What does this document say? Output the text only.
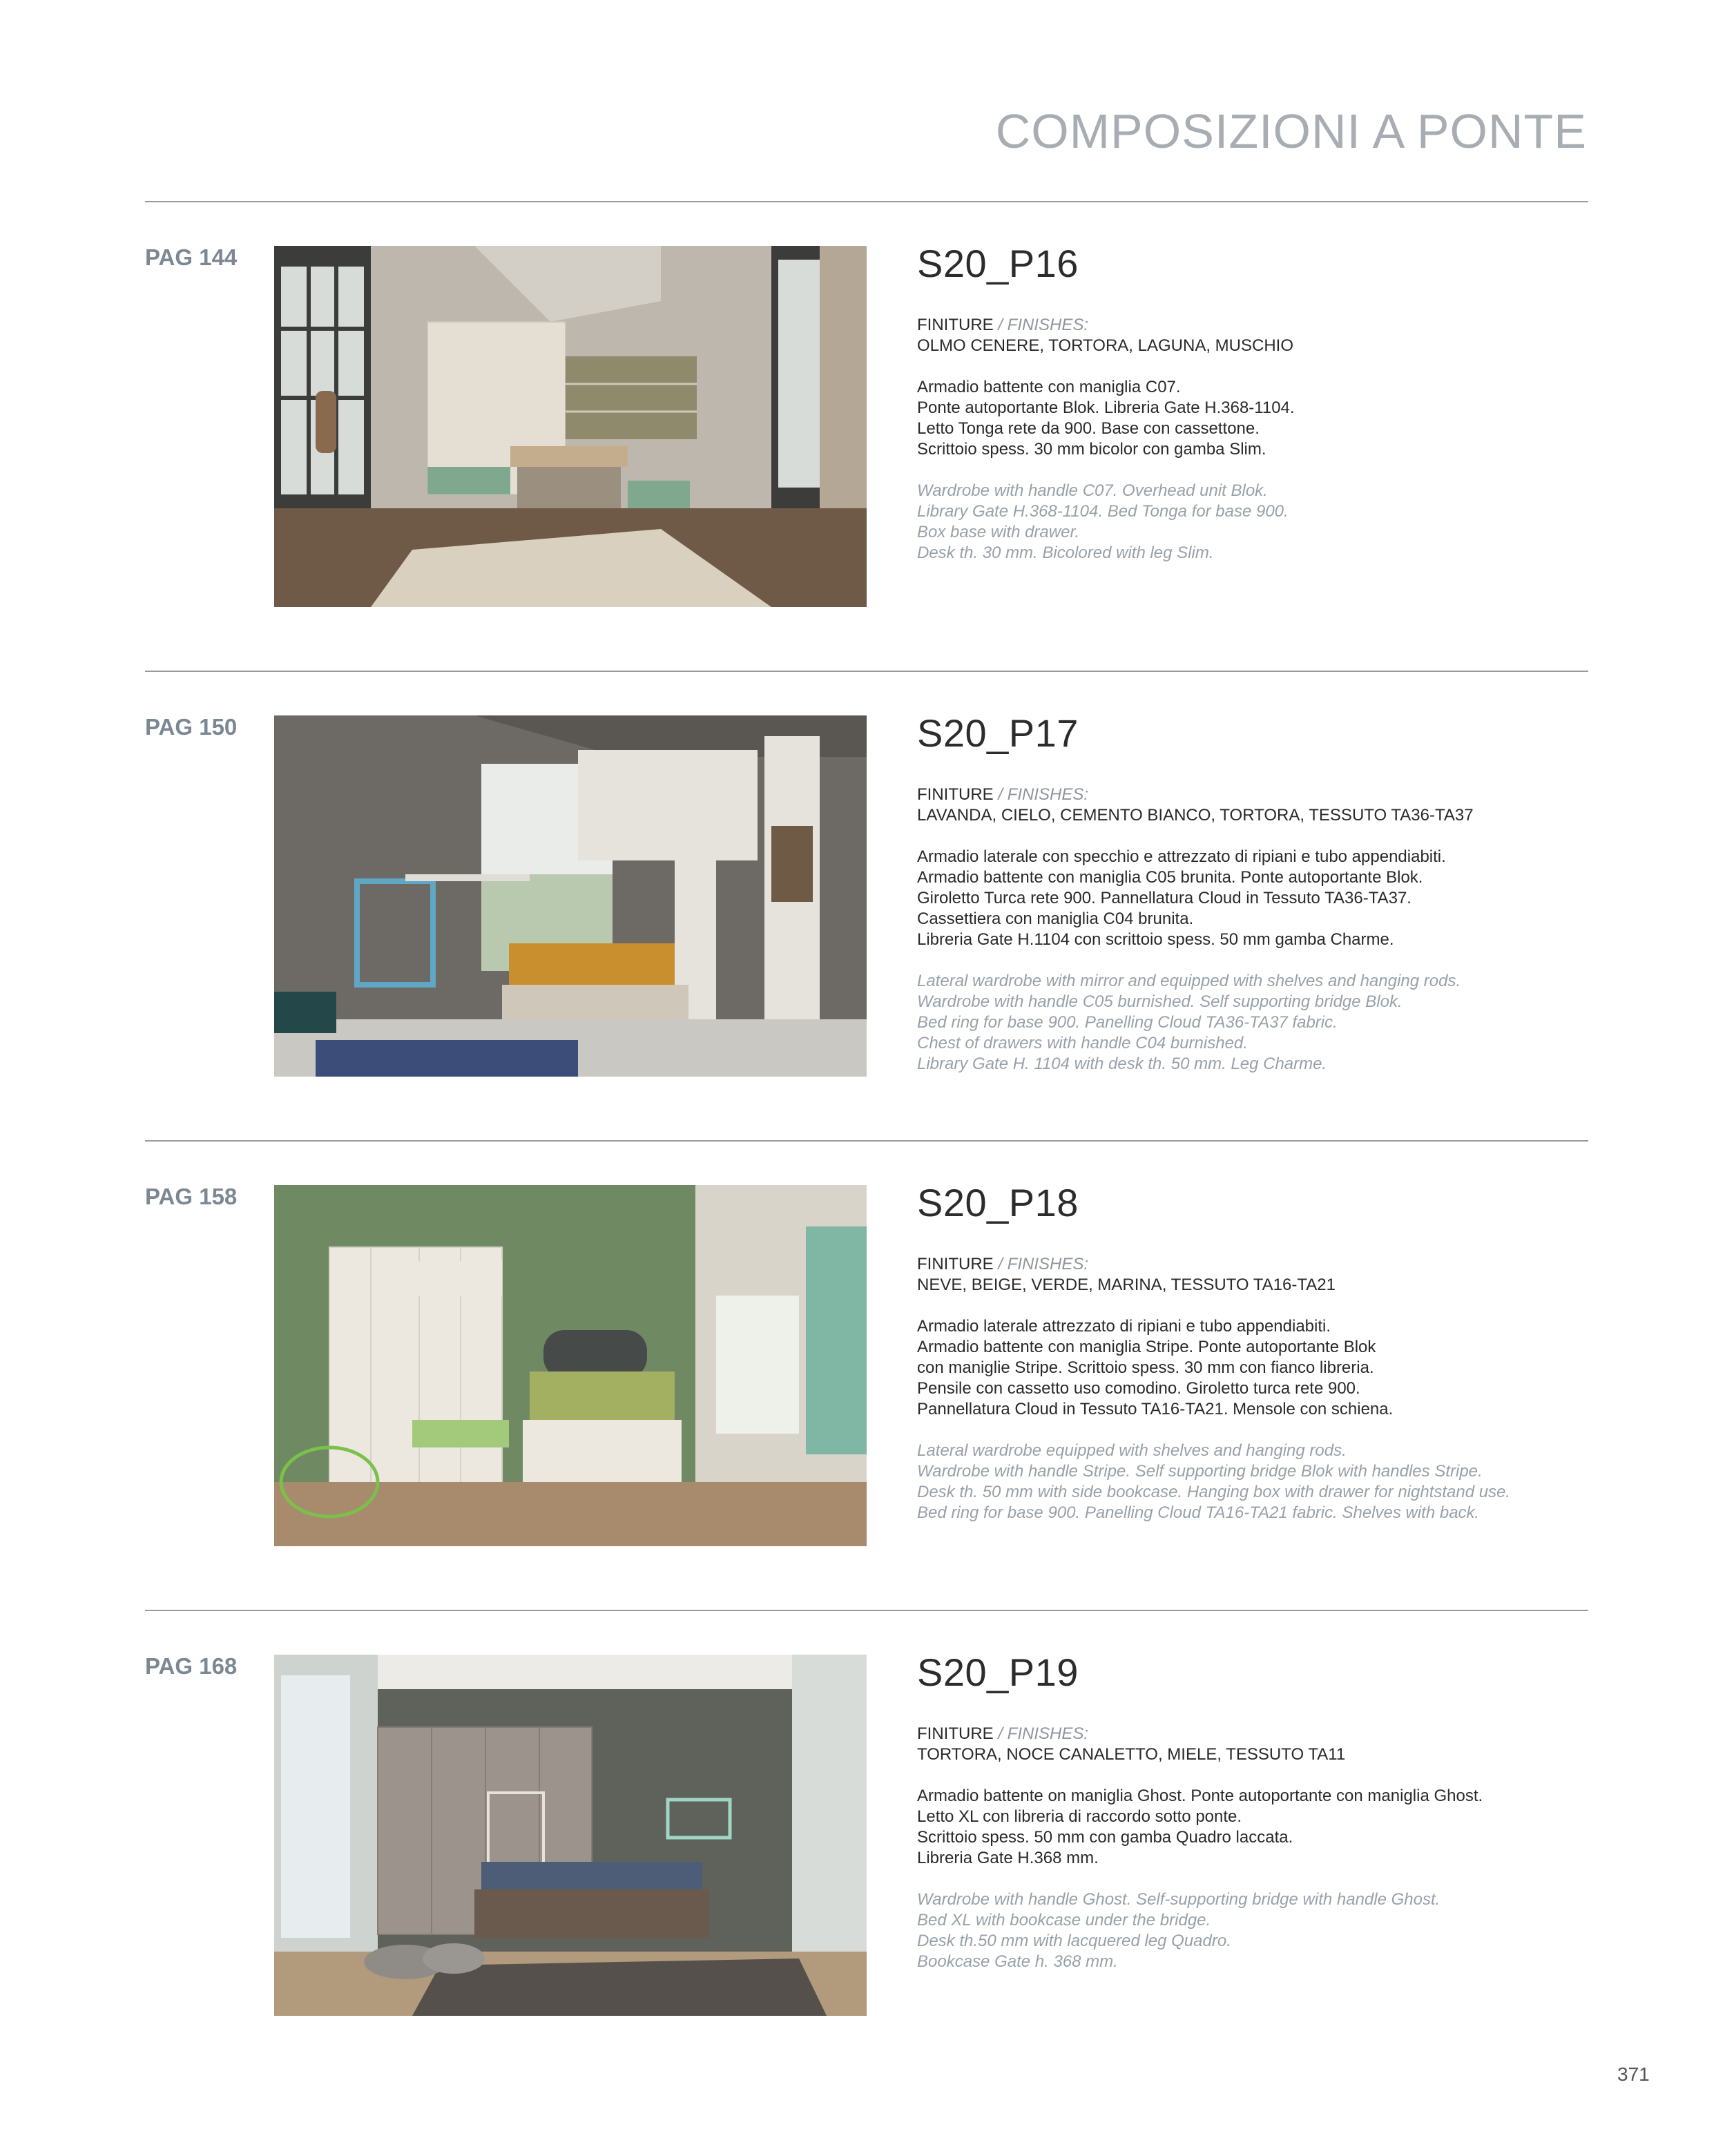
COMPOSIZIONI A PONTE
PAG 144	S20_P16
FINITURE / FINISHES:
OLMO CENERE, TORTORA, LAGUNA, MUSCHIO
Armadio battente con maniglia C07.
Ponte autoportante Blok. Libreria Gate H.368-1104.
Letto Tonga rete da 900. Base con cassettone.
Scrittoio spess. 30 mm bicolor con gamba Slim.
Wardrobe with handle C07. Overhead unit Blok.
Library Gate H.368-1104. Bed Tonga for base 900.
Box base with drawer.
Desk th. 30 mm. Bicolored with leg Slim.
PAG 150	S20_P17
FINITURE / FINISHES:
LAVANDA, CIELO, CEMENTO BIANCO, TORTORA, TESSUTO TA36-TA37
Armadio laterale con specchio e attrezzato di ripiani e tubo appendiabiti.
Armadio battente con maniglia C05 brunita. Ponte autoportante Blok.
Giroletto Turca rete 900. Pannellatura Cloud in Tessuto TA36-TA37.
Cassettiera con maniglia C04 brunita.
Libreria Gate H.1104 con scrittoio spess. 50 mm gamba Charme.
Lateral wardrobe with mirror and equipped with shelves and hanging rods.
Wardrobe with handle C05 burnished. Self supporting bridge Blok.
Bed ring for base 900. Panelling Cloud TA36-TA37 fabric.
Chest of drawers with handle C04 burnished.
Library Gate H. 1104 with desk th. 50 mm. Leg Charme.
PAG 158	S20_P18
FINITURE / FINISHES:
NEVE, BEIGE, VERDE, MARINA, TESSUTO TA16-TA21
Armadio laterale attrezzato di ripiani e tubo appendiabiti.
Armadio battente con maniglia Stripe. Ponte autoportante Blok
con maniglie Stripe. Scrittoio spess. 30 mm con fianco libreria.
Pensile con cassetto uso comodino. Giroletto turca rete 900.
Pannellatura Cloud in Tessuto TA16-TA21. Mensole con schiena.
Lateral wardrobe equipped with shelves and hanging rods.
Wardrobe with handle Stripe. Self supporting bridge Blok with handles Stripe.
Desk th. 50 mm with side bookcase. Hanging box with drawer for nightstand use.
Bed ring for base 900. Panelling Cloud TA16-TA21 fabric. Shelves with back.
PAG 168	S20_P19
FINITURE / FINISHES:
TORTORA, NOCE CANALETTO, MIELE, TESSUTO TA11
Armadio battente on maniglia Ghost. Ponte autoportante con maniglia Ghost.
Letto XL con libreria di raccordo sotto ponte.
Scrittoio spess. 50 mm con gamba Quadro laccata.
Libreria Gate H.368 mm.
Wardrobe with handle Ghost. Self-supporting bridge with handle Ghost.
Bed XL with bookcase under the bridge.
Desk th.50 mm with lacquered leg Quadro.
Bookcase Gate h. 368 mm.
371
